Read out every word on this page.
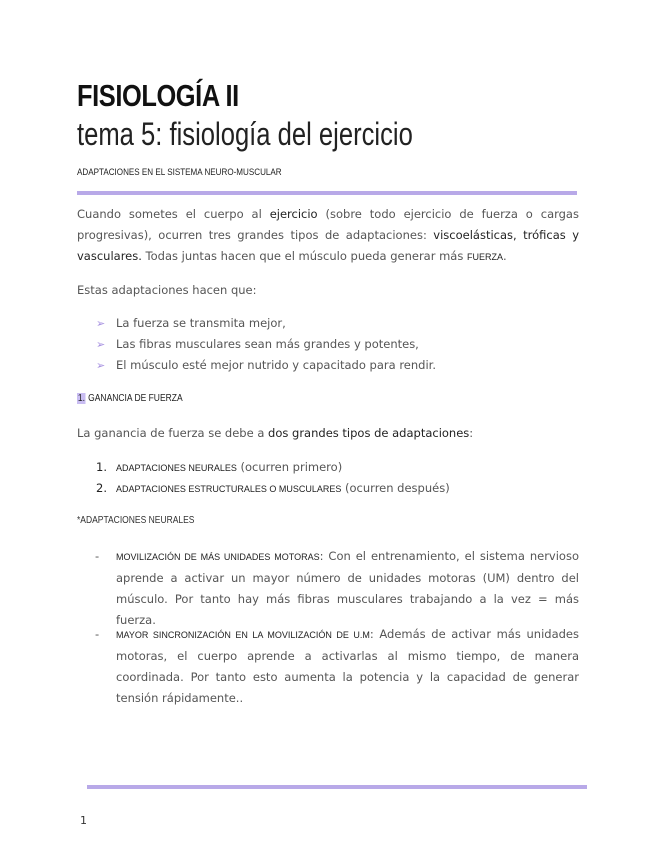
FISIOLOGÍA II
tema 5: fisiología del ejercicio
ADAPTACIONES EN EL SISTEMA NEURO-MUSCULAR
Cuando sometes el cuerpo al ejercicio (sobre todo ejercicio de fuerza o cargas progresivas), ocurren tres grandes tipos de adaptaciones: viscoelásticas, tróficas y vasculares. Todas juntas hacen que el músculo pueda generar más FUERZA.
Estas adaptaciones hacen que:
➢ La fuerza se transmita mejor,
➢ Las fibras musculares sean más grandes y potentes,
➢ El músculo esté mejor nutrido y capacitado para rendir.
1. GANANCIA DE FUERZA
La ganancia de fuerza se debe a dos grandes tipos de adaptaciones:
1. ADAPTACIONES NEURALES (ocurren primero)
2. ADAPTACIONES ESTRUCTURALES O MUSCULARES (ocurren después)
*ADAPTACIONES NEURALES
- MOVILIZACIÓN DE MÁS UNIDADES MOTORAS: Con el entrenamiento, el sistema nervioso aprende a activar un mayor número de unidades motoras (UM) dentro del músculo. Por tanto hay más fibras musculares trabajando a la vez = más fuerza.
- MAYOR SINCRONIZACIÓN EN LA MOVILIZACIÓN DE U.M: Además de activar más unidades motoras, el cuerpo aprende a activarlas al mismo tiempo, de manera coordinada. Por tanto esto aumenta la potencia y la capacidad de generar tensión rápidamente..
1
